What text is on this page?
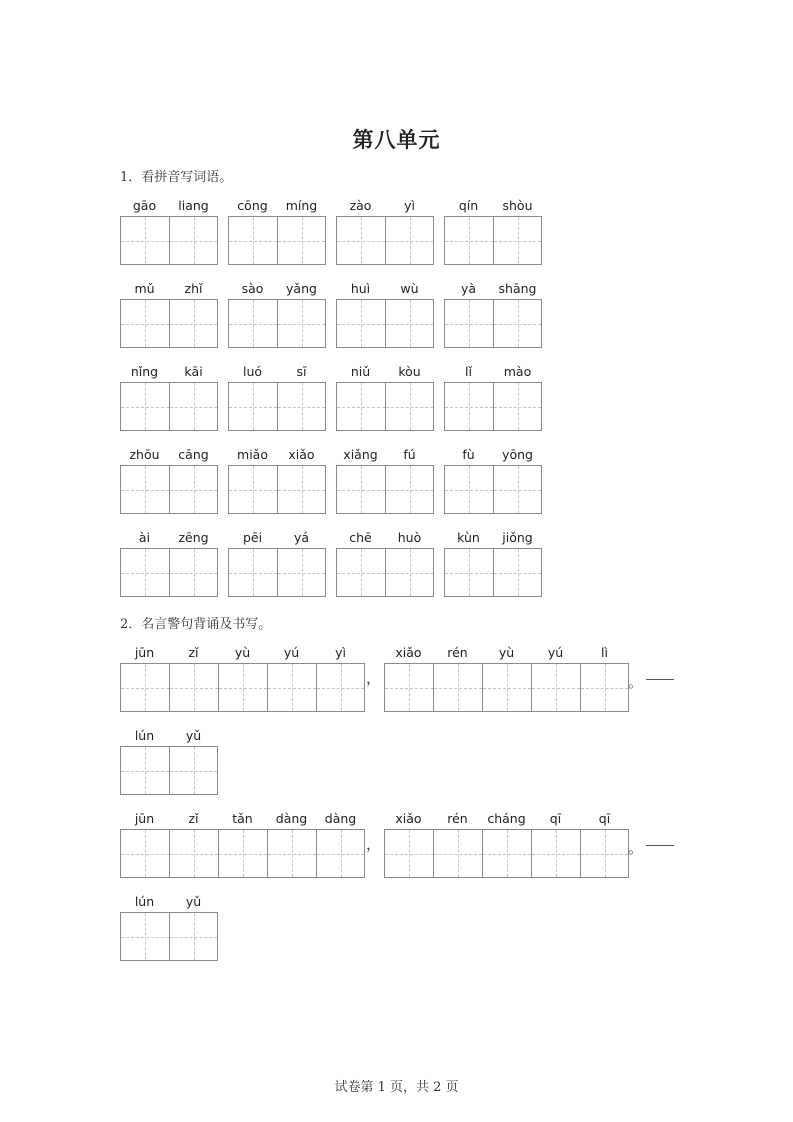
第八单元
1．看拼音写词语。
gāo	liang	cōng	míng	zào	yì	qín	shòu
mǔ	zhǐ	sào	yǎng	huì	wù	yà	shāng
nǐng	kāi	luó	sī	niǔ	kòu	lǐ	mào
zhōu	cāng	miǎo	xiǎo	xiǎng	fú	fù	yōng
ài	zēng	pēi	yá	chē	huò	kùn	jiǒng
2．名言警句背诵及书写。
jūn	zǐ	yù	yú	yì
，
xiǎo	rén	yù	yú	lì
。
lún	yǔ
jūn	zǐ	tǎn	dàng	dàng
，
xiǎo	rén	cháng	qī	qī
。
lún	yǔ
试卷第 1 页，共 2 页
